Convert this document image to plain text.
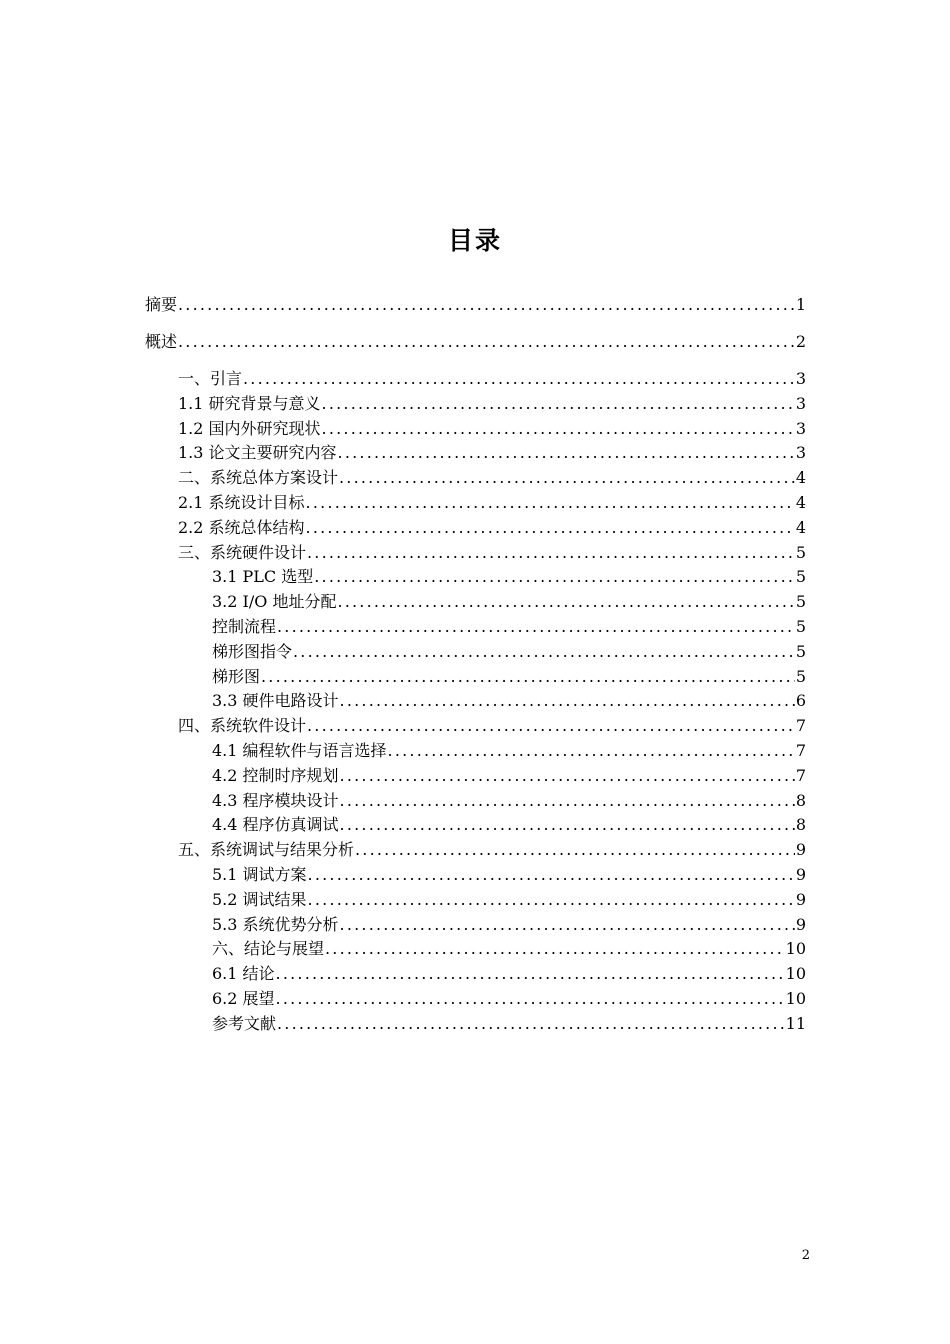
目录
摘要 .....	1
概述 .....	2
一、引言 .....	3
1.1 研究背景与意义 .....	3
1.2 国内外研究现状 .....	3
1.3 论文主要研究内容 .....	3
二、系统总体方案设计 .....	4
2.1 系统设计目标 .....	4
2.2 系统总体结构 .....	4
三、系统硬件设计 .....	5
3.1 PLC 选型 .....	5
3.2 I/O 地址分配 .....	5
控制流程 .....	5
梯形图指令 .....	5
梯形图 .....	5
3.3 硬件电路设计 .....	6
四、系统软件设计 .....	7
4.1 编程软件与语言选择 .....	7
4.2 控制时序规划 .....	7
4.3 程序模块设计 .....	8
4.4 程序仿真调试 .....	8
五、系统调试与结果分析 .....	9
5.1 调试方案 .....	9
5.2 调试结果 .....	9
5.3 系统优势分析 .....	9
六、结论与展望 .....	10
6.1 结论 .....	10
6.2 展望 .....	10
参考文献 .....	11
2
